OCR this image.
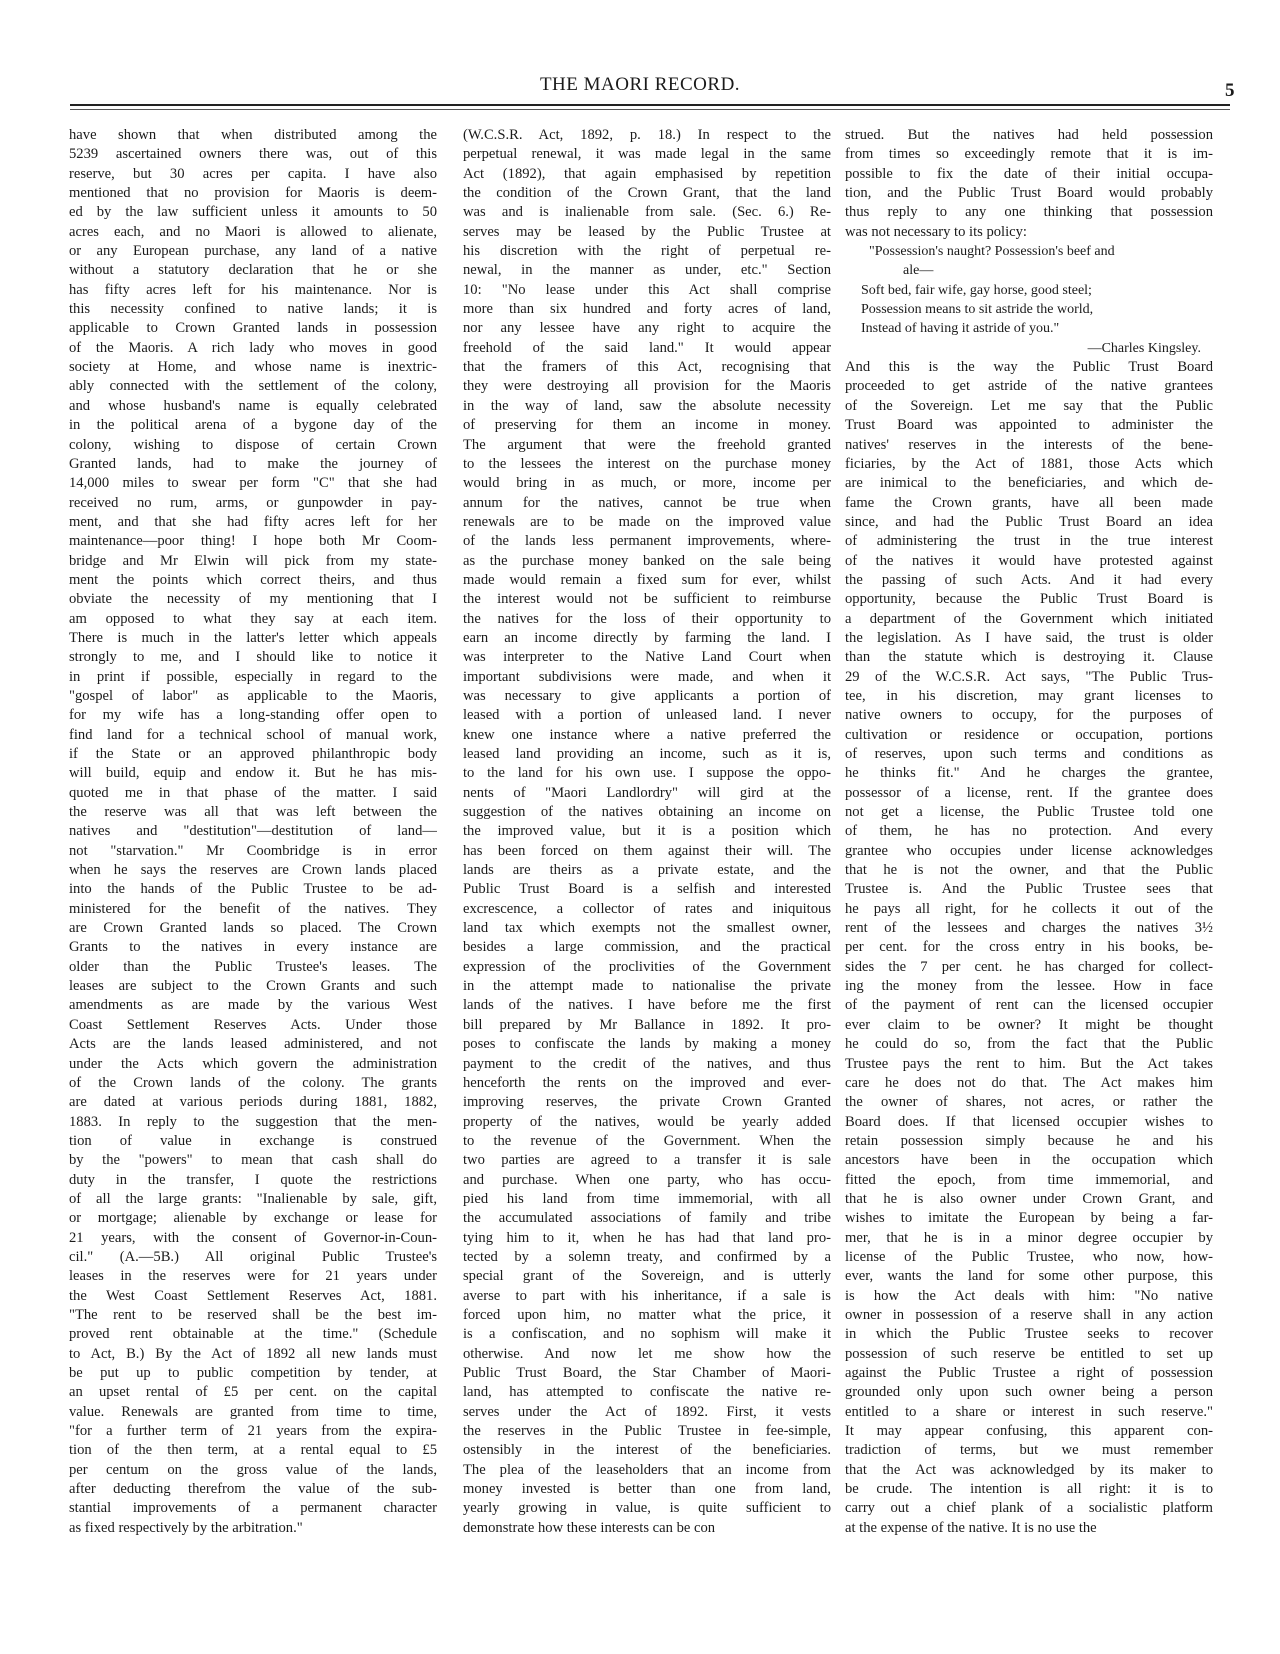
THE MAORI RECORD.	5
have shown that when distributed among the
5239 ascertained owners there was, out of this
reserve, but 30 acres per capita. I have also
mentioned that no provision for Maoris is deem-
ed by the law sufficient unless it amounts to 50
acres each, and no Maori is allowed to alienate,
or any European purchase, any land of a native
without a statutory declaration that he or she
has fifty acres left for his maintenance. Nor is
this necessity confined to native lands; it is
applicable to Crown Granted lands in possession
of the Maoris. A rich lady who moves in good
society at Home, and whose name is inextric-
ably connected with the settlement of the colony,
and whose husband's name is equally celebrated
in the political arena of a bygone day of the
colony, wishing to dispose of certain Crown
Granted lands, had to make the journey of
14,000 miles to swear per form "C" that she had
received no rum, arms, or gunpowder in pay-
ment, and that she had fifty acres left for her
maintenance—poor thing! I hope both Mr Coom-
bridge and Mr Elwin will pick from my state-
ment the points which correct theirs, and thus
obviate the necessity of my mentioning that I
am opposed to what they say at each item.
There is much in the latter's letter which appeals
strongly to me, and I should like to notice it
in print if possible, especially in regard to the
"gospel of labor" as applicable to the Maoris,
for my wife has a long-standing offer open to
find land for a technical school of manual work,
if the State or an approved philanthropic body
will build, equip and endow it. But he has mis-
quoted me in that phase of the matter. I said
the reserve was all that was left between the
natives and "destitution"—destitution of land—
not "starvation." Mr Coombridge is in error
when he says the reserves are Crown lands placed
into the hands of the Public Trustee to be ad-
ministered for the benefit of the natives. They
are Crown Granted lands so placed. The Crown
Grants to the natives in every instance are
older than the Public Trustee's leases. The
leases are subject to the Crown Grants and such
amendments as are made by the various West
Coast Settlement Reserves Acts. Under those
Acts are the lands leased administered, and not
under the Acts which govern the administration
of the Crown lands of the colony. The grants
are dated at various periods during 1881, 1882,
1883. In reply to the suggestion that the men-
tion of value in exchange is construed
by the "powers" to mean that cash shall do
duty in the transfer, I quote the restrictions
of all the large grants: "Inalienable by sale, gift,
or mortgage; alienable by exchange or lease for
21 years, with the consent of Governor-in-Coun-
cil." (A.—5B.) All original Public Trustee's
leases in the reserves were for 21 years under
the West Coast Settlement Reserves Act, 1881.
"The rent to be reserved shall be the best im-
proved rent obtainable at the time." (Schedule
to Act, B.) By the Act of 1892 all new lands must
be put up to public competition by tender, at
an upset rental of £5 per cent. on the capital
value. Renewals are granted from time to time,
"for a further term of 21 years from the expira-
tion of the then term, at a rental equal to £5
per centum on the gross value of the lands,
after deducting therefrom the value of the sub-
stantial improvements of a permanent character
as fixed respectively by the arbitration."
(W.C.S.R. Act, 1892, p. 18.) In respect to the
perpetual renewal, it was made legal in the same
Act (1892), that again emphasised by repetition
the condition of the Crown Grant, that the land
was and is inalienable from sale. (Sec. 6.) Re-
serves may be leased by the Public Trustee at
his discretion with the right of perpetual re-
newal, in the manner as under, etc." Section
10: "No lease under this Act shall comprise
more than six hundred and forty acres of land,
nor any lessee have any right to acquire the
freehold of the said land." It would appear
that the framers of this Act, recognising that
they were destroying all provision for the Maoris
in the way of land, saw the absolute necessity
of preserving for them an income in money.
The argument that were the freehold granted
to the lessees the interest on the purchase money
would bring in as much, or more, income per
annum for the natives, cannot be true when
renewals are to be made on the improved value
of the lands less permanent improvements, where-
as the purchase money banked on the sale being
made would remain a fixed sum for ever, whilst
the interest would not be sufficient to reimburse
the natives for the loss of their opportunity to
earn an income directly by farming the land. I
was interpreter to the Native Land Court when
important subdivisions were made, and when it
was necessary to give applicants a portion of
leased with a portion of unleased land. I never
knew one instance where a native preferred the
leased land providing an income, such as it is,
to the land for his own use. I suppose the oppo-
nents of "Maori Landlordry" will gird at the
suggestion of the natives obtaining an income on
the improved value, but it is a position which
has been forced on them against their will. The
lands are theirs as a private estate, and the
Public Trust Board is a selfish and interested
excrescence, a collector of rates and iniquitous
land tax which exempts not the smallest owner,
besides a large commission, and the practical
expression of the proclivities of the Government
in the attempt made to nationalise the private
lands of the natives. I have before me the first
bill prepared by Mr Ballance in 1892. It pro-
poses to confiscate the lands by making a money
payment to the credit of the natives, and thus
henceforth the rents on the improved and ever-
improving reserves, the private Crown Granted
property of the natives, would be yearly added
to the revenue of the Government. When the
two parties are agreed to a transfer it is sale
and purchase. When one party, who has occu-
pied his land from time immemorial, with all
the accumulated associations of family and tribe
tying him to it, when he has had that land pro-
tected by a solemn treaty, and confirmed by a
special grant of the Sovereign, and is utterly
averse to part with his inheritance, if a sale is
forced upon him, no matter what the price, it
is a confiscation, and no sophism will make it
otherwise. And now let me show how the
Public Trust Board, the Star Chamber of Maori-
land, has attempted to confiscate the native re-
serves under the Act of 1892. First, it vests
the reserves in the Public Trustee in fee-simple,
ostensibly in the interest of the beneficiaries.
The plea of the leaseholders that an income from
money invested is better than one from land,
yearly growing in value, is quite sufficient to
demonstrate how these interests can be con
strued. But the natives had held possession
from times so exceedingly remote that it is im-
possible to fix the date of their initial occupa-
tion, and the Public Trust Board would probably
thus reply to any one thinking that possession
was not necessary to its policy:
"Possession's naught? Possession's beef and
ale—
Soft bed, fair wife, gay horse, good steel;
Possession means to sit astride the world,
Instead of having it astride of you."
—Charles Kingsley.
And this is the way the Public Trust Board
proceeded to get astride of the native grantees
of the Sovereign. Let me say that the Public
Trust Board was appointed to administer the
natives' reserves in the interests of the bene-
ficiaries, by the Act of 1881, those Acts which
are inimical to the beneficiaries, and which de-
fame the Crown grants, have all been made
since, and had the Public Trust Board an idea
of administering the trust in the true interest
of the natives it would have protested against
the passing of such Acts. And it had every
opportunity, because the Public Trust Board is
a department of the Government which initiated
the legislation. As I have said, the trust is older
than the statute which is destroying it. Clause
29 of the W.C.S.R. Act says, "The Public Trus-
tee, in his discretion, may grant licenses to
native owners to occupy, for the purposes of
cultivation or residence or occupation, portions
of reserves, upon such terms and conditions as
he thinks fit." And he charges the grantee,
possessor of a license, rent. If the grantee does
not get a license, the Public Trustee told one
of them, he has no protection. And every
grantee who occupies under license acknowledges
that he is not the owner, and that the Public
Trustee is. And the Public Trustee sees that
he pays all right, for he collects it out of the
rent of the lessees and charges the natives 3½
per cent. for the cross entry in his books, be-
sides the 7 per cent. he has charged for collect-
ing the money from the lessee. How in face
of the payment of rent can the licensed occupier
ever claim to be owner? It might be thought
he could do so, from the fact that the Public
Trustee pays the rent to him. But the Act takes
care he does not do that. The Act makes him
the owner of shares, not acres, or rather the
Board does. If that licensed occupier wishes to
retain possession simply because he and his
ancestors have been in the occupation which
fitted the epoch, from time immemorial, and
that he is also owner under Crown Grant, and
wishes to imitate the European by being a far-
mer, that he is in a minor degree occupier by
license of the Public Trustee, who now, how-
ever, wants the land for some other purpose, this
is how the Act deals with him: "No native
owner in possession of a reserve shall in any action
in which the Public Trustee seeks to recover
possession of such reserve be entitled to set up
against the Public Trustee a right of possession
grounded only upon such owner being a person
entitled to a share or interest in such reserve."
It may appear confusing, this apparent con-
tradiction of terms, but we must remember
that the Act was acknowledged by its maker to
be crude. The intention is all right: it is to
carry out a chief plank of a socialistic platform
at the expense of the native. It is no use the
